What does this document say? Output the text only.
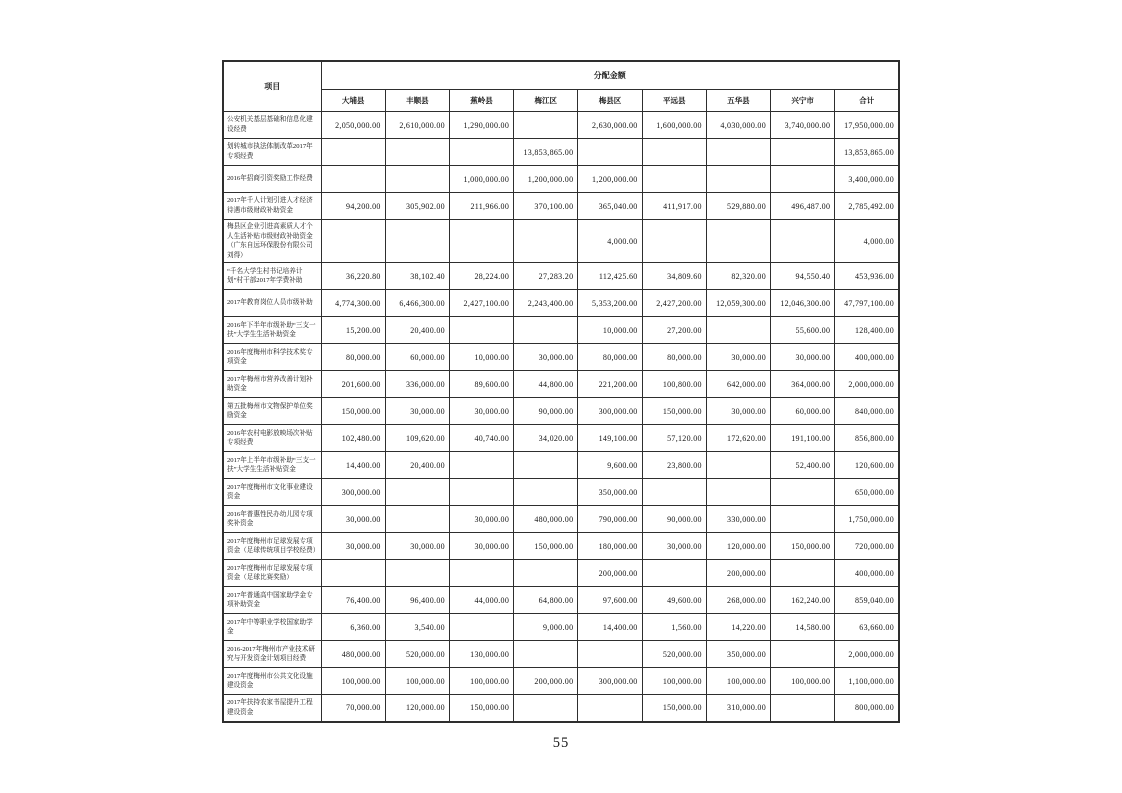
项目	分配金额								
	大埔县	丰顺县	蕉岭县	梅江区	梅县区	平远县	五华县	兴宁市	合计
公安机关基层基础和信息化建设经费	2,050,000.00	2,610,000.00	1,290,000.00		2,630,000.00	1,600,000.00	4,030,000.00	3,740,000.00	17,950,000.00
划转城市执法体制改革2017年专项经费				13,853,865.00					13,853,865.00
2016年招商引资奖励工作经费			1,000,000.00	1,200,000.00	1,200,000.00				3,400,000.00
2017年千人计划引进人才经济待遇市级财政补助资金	94,200.00	305,902.00	211,966.00	370,100.00	365,040.00	411,917.00	529,880.00	496,487.00	2,785,492.00
梅县区企业引进高素质人才个人生活补贴市级财政补助资金（广东自远环保股份有限公司刘得）					4,000.00				4,000.00
“千名大学生村书记培养计划”村干部2017年学费补助	36,220.80	38,102.40	28,224.00	27,283.20	112,425.60	34,809.60	82,320.00	94,550.40	453,936.00
2017年教育岗位人员市级补助	4,774,300.00	6,466,300.00	2,427,100.00	2,243,400.00	5,353,200.00	2,427,200.00	12,059,300.00	12,046,300.00	47,797,100.00
2016年下半年市级补助“三支一扶”大学生生活补助资金	15,200.00	20,400.00			10,000.00	27,200.00		55,600.00	128,400.00
2016年度梅州市科学技术奖专项资金	80,000.00	60,000.00	10,000.00	30,000.00	80,000.00	80,000.00	30,000.00	30,000.00	400,000.00
2017年梅州市营养改善计划补助资金	201,600.00	336,000.00	89,600.00	44,800.00	221,200.00	100,800.00	642,000.00	364,000.00	2,000,000.00
第五批梅州市文物保护单位奖励资金	150,000.00	30,000.00	30,000.00	90,000.00	300,000.00	150,000.00	30,000.00	60,000.00	840,000.00
2016年农村电影放映场次补贴专项经费	102,480.00	109,620.00	40,740.00	34,020.00	149,100.00	57,120.00	172,620.00	191,100.00	856,800.00
2017年上半年市级补助“三支一扶”大学生生活补贴资金	14,400.00	20,400.00			9,600.00	23,800.00		52,400.00	120,600.00
2017年度梅州市文化事业建设资金	300,000.00				350,000.00				650,000.00
2016年普惠性民办幼儿园专项奖补资金	30,000.00		30,000.00	480,000.00	790,000.00	90,000.00	330,000.00		1,750,000.00
2017年度梅州市足球发展专项资金（足球传统项目学校经费）	30,000.00	30,000.00	30,000.00	150,000.00	180,000.00	30,000.00	120,000.00	150,000.00	720,000.00
2017年度梅州市足球发展专项资金（足球比赛奖励）					200,000.00		200,000.00		400,000.00
2017年普通高中国家助学金专项补助资金	76,400.00	96,400.00	44,000.00	64,800.00	97,600.00	49,600.00	268,000.00	162,240.00	859,040.00
2017年中等职业学校国家助学金	6,360.00	3,540.00		9,000.00	14,400.00	1,560.00	14,220.00	14,580.00	63,660.00
2016-2017年梅州市产业技术研究与开发资金计划项目经费	480,000.00	520,000.00	130,000.00			520,000.00	350,000.00		2,000,000.00
2017年度梅州市公共文化设施建设资金	100,000.00	100,000.00	100,000.00	200,000.00	300,000.00	100,000.00	100,000.00	100,000.00	1,100,000.00
2017年扶持农家书屋提升工程建设资金	70,000.00	120,000.00	150,000.00			150,000.00	310,000.00		800,000.00
55
